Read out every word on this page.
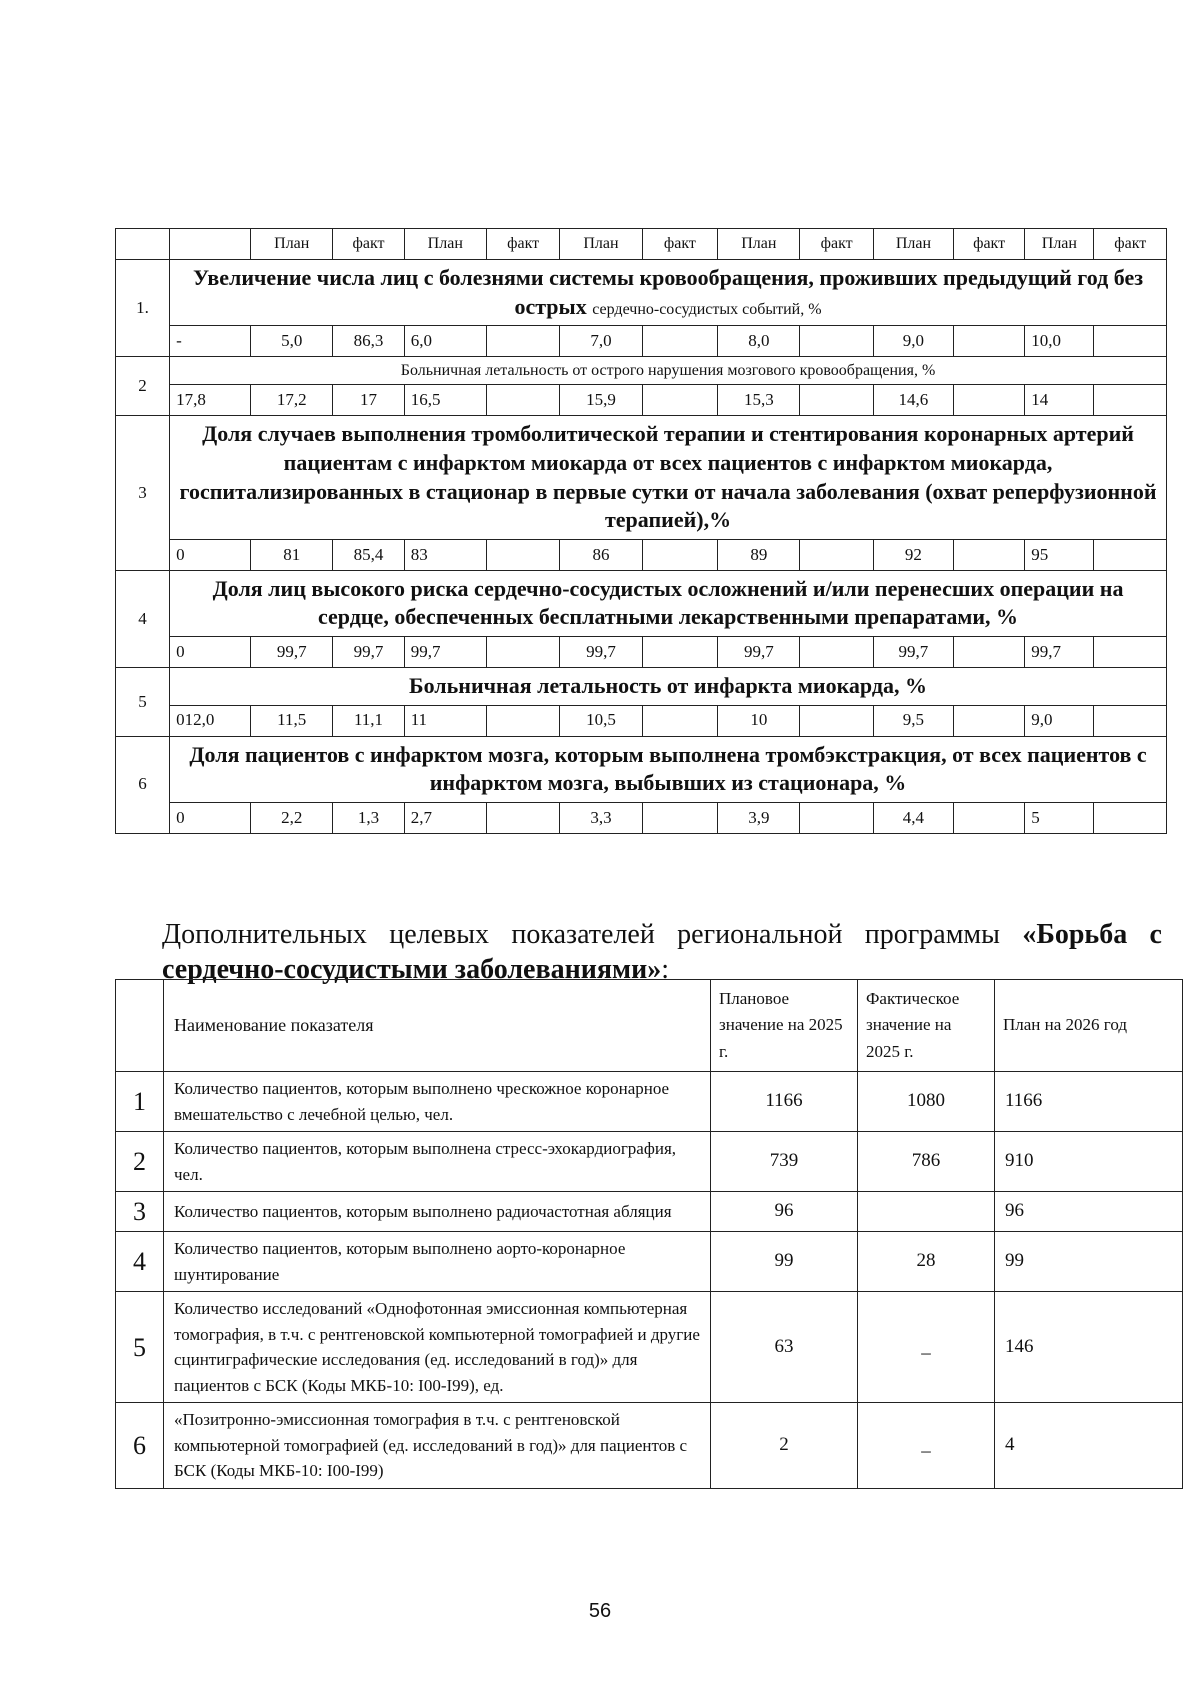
		План	факт	План	факт	План	факт	План	факт	План	факт	План	факт
1.	Увеличение числа лиц с болезнями системы кровообращения, проживших предыдущий год без острых сердечно-сосудистых событий, %												
	-	5,0	86,3	6,0		7,0		8,0		9,0		10,0	
2	Больничная летальность от острого нарушения мозгового кровообращения, %												
	17,8	17,2	17	16,5		15,9		15,3		14,6		14	
3	Доля случаев выполнения тромболитической терапии и стентирования коронарных артерий пациентам с инфарктом миокарда от всех пациентов с инфарктом миокарда, госпитализированных в стационар в первые сутки от начала заболевания (охват реперфузионной терапией),%												
	0	81	85,4	83		86		89		92		95	
4	Доля лиц высокого риска сердечно-сосудистых осложнений и/или перенесших операции на сердце, обеспеченных бесплатными лекарственными препаратами, %												
	0	99,7	99,7	99,7		99,7		99,7		99,7		99,7	
5	Больничная летальность от инфаркта миокарда, %												
	012,0	11,5	11,1	11		10,5		10		9,5		9,0	
6	Доля пациентов с инфарктом мозга, которым выполнена тромбэкстракция, от всех пациентов с инфарктом мозга, выбывших из стационара, %												
	0	2,2	1,3	2,7		3,3		3,9		4,4		5	
Дополнительных целевых показателей региональной программы «Борьба с сердечно-сосудистыми заболеваниями»:
	Наименование показателя	Плановое значение на 2025 г.	Фактическое значение на 2025 г.	План на 2026 год
1	Количество пациентов, которым выполнено чрескожное коронарное вмешательство с лечебной целью, чел.	1166	1080	1166
2	Количество пациентов, которым выполнена стресс-эхокардиография, чел.	739	786	910
3	Количество пациентов, которым выполнено радиочастотная абляция	96		96
4	Количество пациентов, которым выполнено аорто-коронарное шунтирование	99	28	99
5	Количество исследований «Однофотонная эмиссионная компьютерная томография, в т.ч. с рентгеновской компьютерной томографией и другие сцинтиграфические исследования (ед. исследований в год)» для пациентов с БСК (Коды МКБ-10: I00-I99), ед.	63	_	146
6	«Позитронно-эмиссионная томография в т.ч. с рентгеновской компьютерной томографией (ед. исследований в год)» для пациентов с БСК (Коды МКБ-10: I00-I99)	2	_	4
56
